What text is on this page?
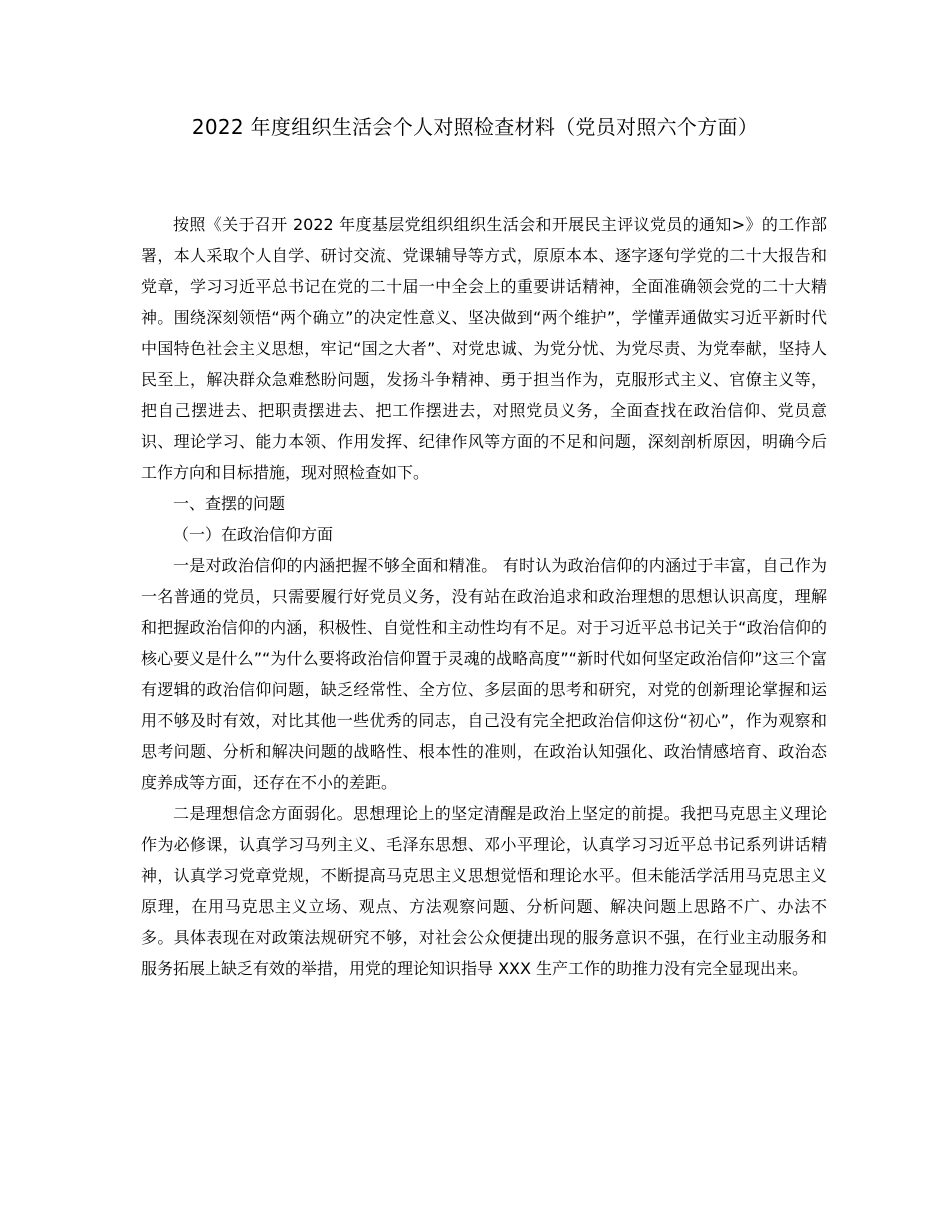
2022 年度组织生活会个人对照检查材料（党员对照六个方面）

按照《关于召开 2022 年度基层党组织组织生活会和开展民主评议党员的通知>》的工作部署，本人采取个人自学、研讨交流、党课辅导等方式，原原本本、逐字逐句学党的二十大报告和党章，学习习近平总书记在党的二十届一中全会上的重要讲话精神，全面准确领会党的二十大精神。围绕深刻领悟“两个确立”的决定性意义、坚决做到“两个维护”，学懂弄通做实习近平新时代中国特色社会主义思想，牢记“国之大者”、对党忠诚、为党分忧、为党尽责、为党奉献，坚持人民至上，解决群众急难愁盼问题，发扬斗争精神、勇于担当作为，克服形式主义、官僚主义等，把自己摆进去、把职责摆进去、把工作摆进去，对照党员义务，全面查找在政治信仰、党员意识、理论学习、能力本领、作用发挥、纪律作风等方面的不足和问题，深刻剖析原因，明确今后工作方向和目标措施，现对照检查如下。

一、查摆的问题

（一）在政治信仰方面

一是对政治信仰的内涵把握不够全面和精准。 有时认为政治信仰的内涵过于丰富，自己作为一名普通的党员，只需要履行好党员义务，没有站在政治追求和政治理想的思想认识高度，理解和把握政治信仰的内涵，积极性、自觉性和主动性均有不足。对于习近平总书记关于“政治信仰的核心要义是什么”“为什么要将政治信仰置于灵魂的战略高度”“新时代如何坚定政治信仰”这三个富有逻辑的政治信仰问题，缺乏经常性、全方位、多层面的思考和研究，对党的创新理论掌握和运用不够及时有效，对比其他一些优秀的同志，自己没有完全把政治信仰这份“初心”，作为观察和思考问题、分析和解决问题的战略性、根本性的准则，在政治认知强化、政治情感培育、政治态度养成等方面，还存在不小的差距。

二是理想信念方面弱化。思想理论上的坚定清醒是政治上坚定的前提。我把马克思主义理论作为必修课，认真学习马列主义、毛泽东思想、邓小平理论，认真学习习近平总书记系列讲话精神，认真学习党章党规，不断提高马克思主义思想觉悟和理论水平。但未能活学活用马克思主义原理，在用马克思主义立场、观点、方法观察问题、分析问题、解决问题上思路不广、办法不多。具体表现在对政策法规研究不够，对社会公众便捷出现的服务意识不强，在行业主动服务和服务拓展上缺乏有效的举措，用党的理论知识指导 XXX 生产工作的助推力没有完全显现出来。
